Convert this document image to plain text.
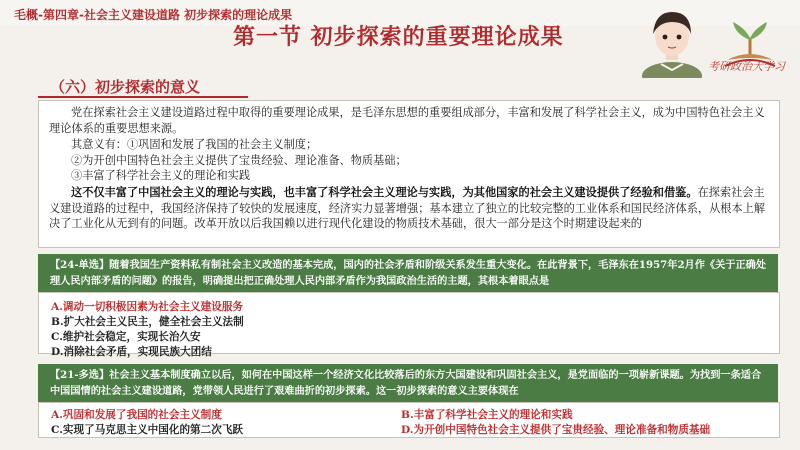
毛概-第四章-社会主义建设道路 初步探索的理论成果
第一节 初步探索的重要理论成果
考研政治大学习
（六）初步探索的意义

党在探索社会主义建设道路过程中取得的重要理论成果，是毛泽东思想的重要组成部分，丰富和发展了科学社会主义，成为中国特色社会主义理论体系的重要思想来源。

其意义有：①巩固和发展了我国的社会主义制度；

②为开创中国特色社会主义提供了宝贵经验、理论准备、物质基础；

③丰富了科学社会主义的理论和实践

这不仅丰富了中国社会主义的理论与实践，也丰富了科学社会主义理论与实践，为其他国家的社会主义建设提供了经验和借鉴。在探索社会主义建设道路的过程中，我国经济保持了较快的发展速度，经济实力显著增强；基本建立了独立的比较完整的工业体系和国民经济体系，从根本上解决了工业化从无到有的问题。改革开放以后我国赖以进行现代化建设的物质技术基础，很大一部分是这个时期建设起来的

【24-单选】随着我国生产资料私有制社会主义改造的基本完成，国内的社会矛盾和阶级关系发生重大变化。在此背景下，毛泽东在1957年2月作《关于正确处理人民内部矛盾的问题》的报告，明确提出把正确处理人民内部矛盾作为我国政治生活的主题，其根本着眼点是

A.调动一切积极因素为社会主义建设服务
B.扩大社会主义民主，健全社会主义法制
C.维护社会稳定，实现长治久安
D.消除社会矛盾，实现民族大团结

【21-多选】社会主义基本制度确立以后，如何在中国这样一个经济文化比较落后的东方大国建设和巩固社会主义，是党面临的一项崭新课题。为找到一条适合中国国情的社会主义建设道路，党带领人民进行了艰难曲折的初步探索。这一初步探索的意义主要体现在

A.巩固和发展了我国的社会主义制度	B.丰富了科学社会主义的理论和实践
C.实现了马克思主义中国化的第二次飞跃	D.为开创中国特色社会主义提供了宝贵经验、理论准备和物质基础
